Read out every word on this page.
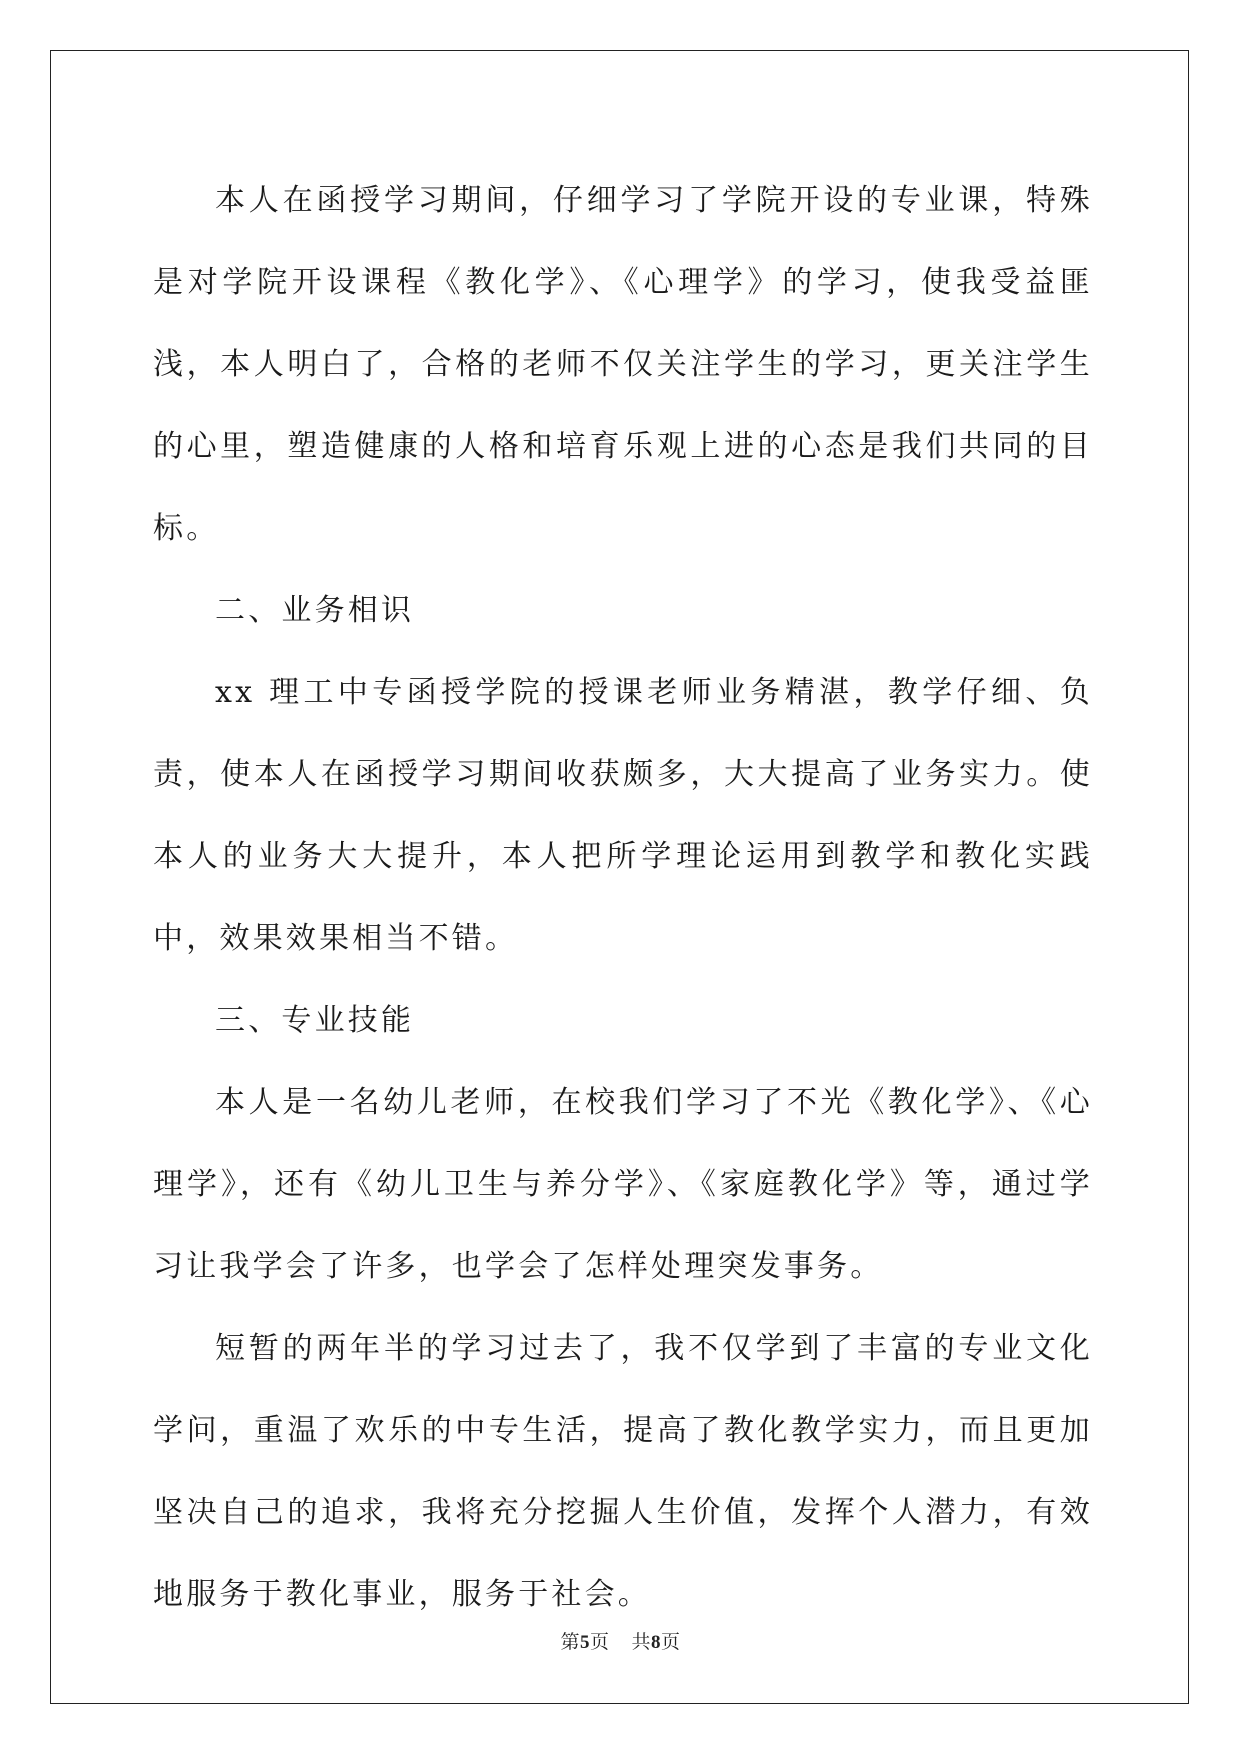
本人在函授学习期间，仔细学习了学院开设的专业课，特殊是对学院开设课程《教化学》、《心理学》的学习，使我受益匪浅，本人明白了，合格的老师不仅关注学生的学习，更关注学生的心里，塑造健康的人格和培育乐观上进的心态是我们共同的目标。

二、业务相识

xx 理工中专函授学院的授课老师业务精湛，教学仔细、负责，使本人在函授学习期间收获颇多，大大提高了业务实力。使本人的业务大大提升，本人把所学理论运用到教学和教化实践中，效果效果相当不错。

三、专业技能

本人是一名幼儿老师，在校我们学习了不光《教化学》、《心理学》，还有《幼儿卫生与养分学》、《家庭教化学》等，通过学习让我学会了许多，也学会了怎样处理突发事务。

短暂的两年半的学习过去了，我不仅学到了丰富的专业文化学问，重温了欢乐的中专生活，提高了教化教学实力，而且更加坚决自己的追求，我将充分挖掘人生价值，发挥个人潜力，有效地服务于教化事业，服务于社会。

第5页 共8页
